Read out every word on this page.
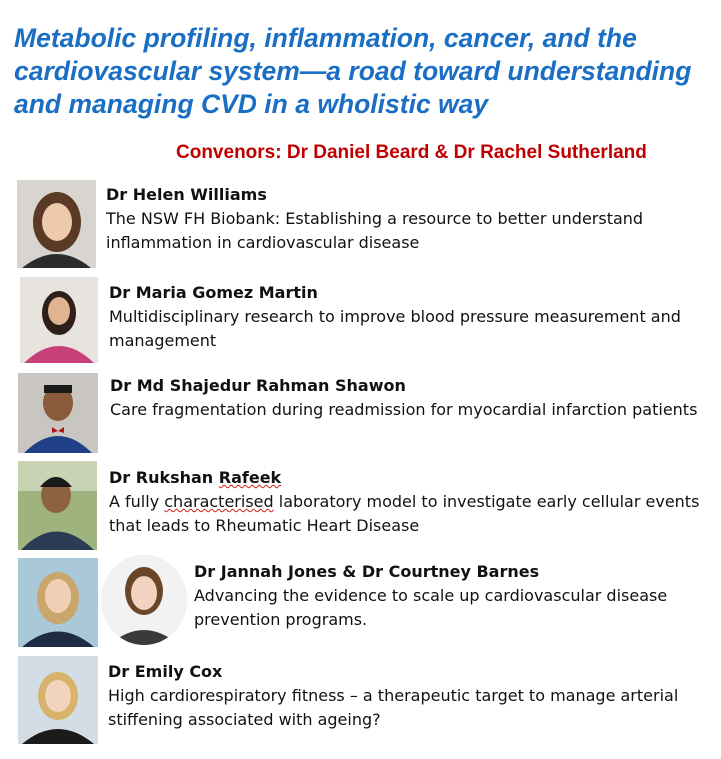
Metabolic profiling, inflammation, cancer, and the cardiovascular system—a road toward understanding and managing CVD in a wholistic way
Convenors: Dr Daniel Beard & Dr Rachel Sutherland
Dr Helen Williams
The NSW FH Biobank: Establishing a resource to better understand inflammation in cardiovascular disease
Dr Maria Gomez Martin
Multidisciplinary research to improve blood pressure measurement and management
Dr Md Shajedur Rahman Shawon
Care fragmentation during readmission for myocardial infarction patients
Dr Rukshan Rafeek
A fully characterised laboratory model to investigate early cellular events that leads to Rheumatic Heart Disease
Dr Jannah Jones & Dr Courtney Barnes
Advancing the evidence to scale up cardiovascular disease prevention programs.
Dr Emily Cox
High cardiorespiratory fitness – a therapeutic target to manage arterial stiffening associated with ageing?
